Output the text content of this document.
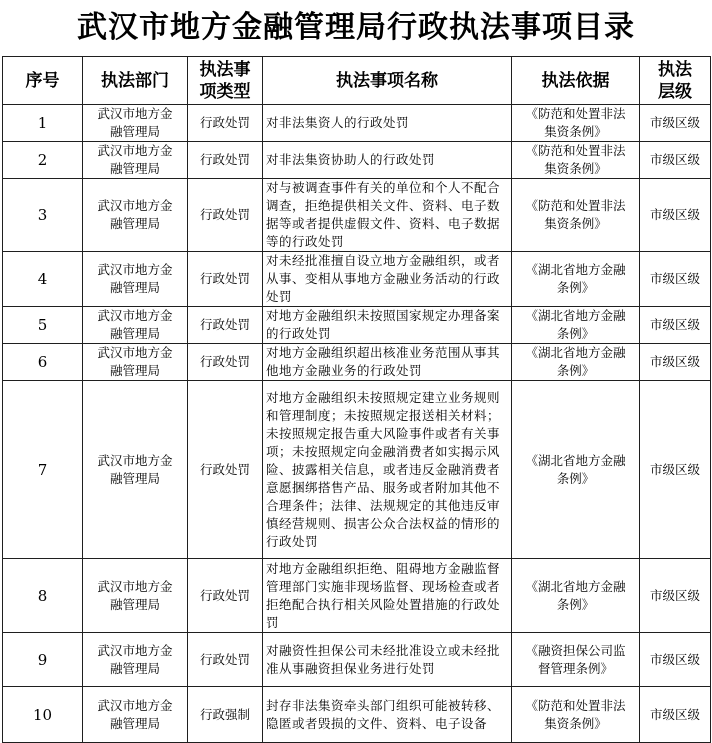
武汉市地方金融管理局行政执法事项目录
序号	执法部门	执法事项类型	执法事项名称	执法依据	执法层级

1	武汉市地方金融管理局	行政处罚	对非法集资人的行政处罚	《防范和处置非法集资条例》	市级区级

2	武汉市地方金融管理局	行政处罚	对非法集资协助人的行政处罚	《防范和处置非法集资条例》	市级区级

3	武汉市地方金融管理局	行政处罚	对与被调查事件有关的单位和个人不配合调查，拒绝提供相关文件、资料、电子数据等或者提供虚假文件、资料、电子数据等的行政处罚	《防范和处置非法集资条例》	市级区级

4	武汉市地方金融管理局	行政处罚	对未经批准擅自设立地方金融组织，或者从事、变相从事地方金融业务活动的行政处罚	《湖北省地方金融条例》	市级区级

5	武汉市地方金融管理局	行政处罚	对地方金融组织未按照国家规定办理备案的行政处罚	《湖北省地方金融条例》	市级区级

6	武汉市地方金融管理局	行政处罚	对地方金融组织超出核准业务范围从事其他地方金融业务的行政处罚	《湖北省地方金融条例》	市级区级

7	武汉市地方金融管理局	行政处罚	对地方金融组织未按照规定建立业务规则和管理制度；未按照规定报送相关材料；未按照规定报告重大风险事件或者有关事项；未按照规定向金融消费者如实揭示风险、披露相关信息，或者违反金融消费者意愿捆绑搭售产品、服务或者附加其他不合理条件；法律、法规规定的其他违反审慎经营规则、损害公众合法权益的情形的行政处罚	《湖北省地方金融条例》	市级区级

8	武汉市地方金融管理局	行政处罚	对地方金融组织拒绝、阻碍地方金融监督管理部门实施非现场监督、现场检查或者拒绝配合执行相关风险处置措施的行政处罚	《湖北省地方金融条例》	市级区级

9	武汉市地方金融管理局	行政处罚	对融资性担保公司未经批准设立或未经批准从事融资担保业务进行处罚	《融资担保公司监督管理条例》	市级区级

10	武汉市地方金融管理局	行政强制	封存非法集资牵头部门组织可能被转移、隐匿或者毁损的文件、资料、电子设备	《防范和处置非法集资条例》	市级区级
